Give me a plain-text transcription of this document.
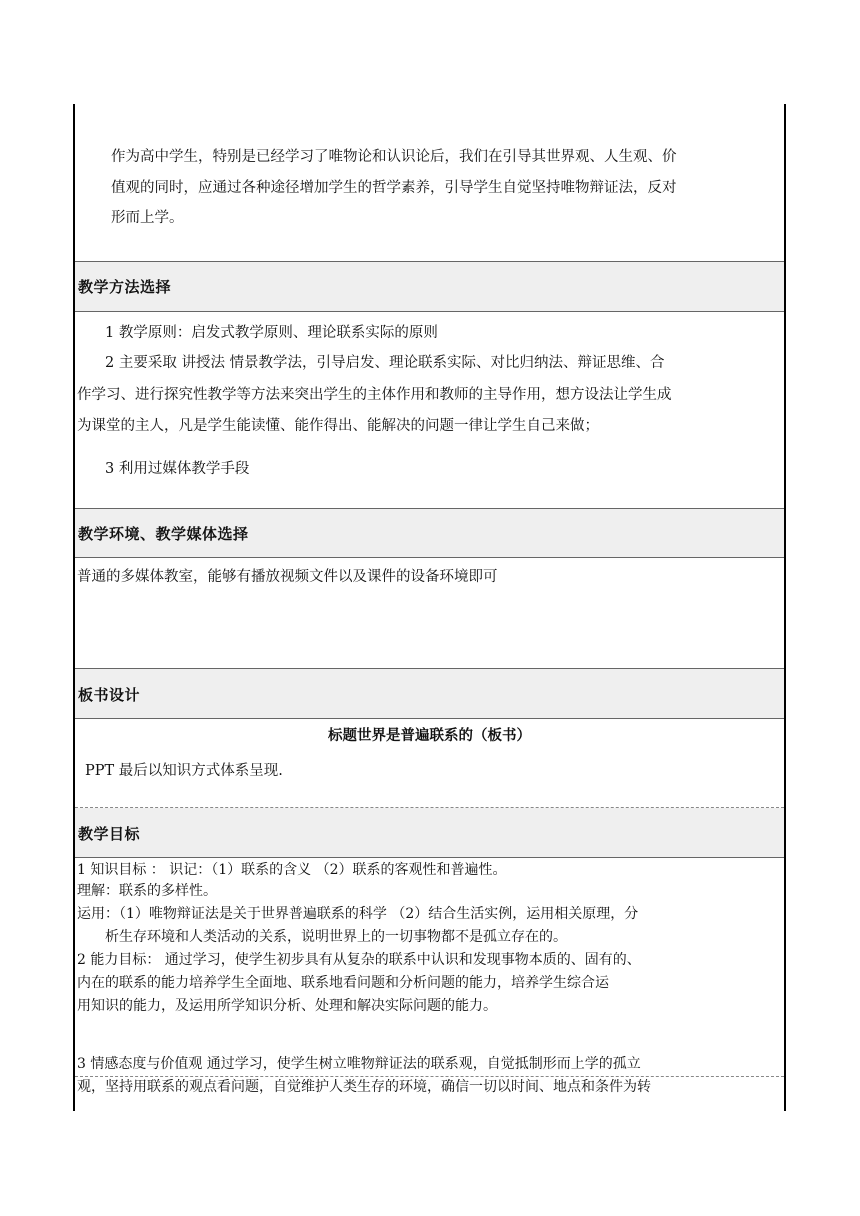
作为高中学生，特别是已经学习了唯物论和认识论后，我们在引导其世界观、人生观、价
值观的同时，应通过各种途径增加学生的哲学素养，引导学生自觉坚持唯物辩证法，反对
形而上学。
教学方法选择
1 教学原则：启发式教学原则、理论联系实际的原则
2 主要采取 讲授法 情景教学法，引导启发、理论联系实际、对比归纳法、辩证思维、合
作学习、进行探究性教学等方法来突出学生的主体作用和教师的主导作用，想方设法让学生成
为课堂的主人，凡是学生能读懂、能作得出、能解决的问题一律让学生自己来做；
3 利用过媒体教学手段
教学环境、教学媒体选择
普通的多媒体教室，能够有播放视频文件以及课件的设备环境即可
板书设计
标题世界是普遍联系的（板书）
PPT 最后以知识方式体系呈现.
教学目标
1 知识目标 ： 识记：（1）联系的含义 （2）联系的客观性和普遍性。
理解：联系的多样性。
运用：（1）唯物辩证法是关于世界普遍联系的科学 （2）结合生活实例，运用相关原理，分
析生存环境和人类活动的关系，说明世界上的一切事物都不是孤立存在的。
2 能力目标： 通过学习，使学生初步具有从复杂的联系中认识和发现事物本质的、固有的、
内在的联系的能力培养学生全面地、联系地看问题和分析问题的能力，培养学生综合运
用知识的能力，及运用所学知识分析、处理和解决实际问题的能力。
3 情感态度与价值观 通过学习，使学生树立唯物辩证法的联系观，自觉抵制形而上学的孤立
观，坚持用联系的观点看问题，自觉维护人类生存的环境，确信一切以时间、地点和条件为转
